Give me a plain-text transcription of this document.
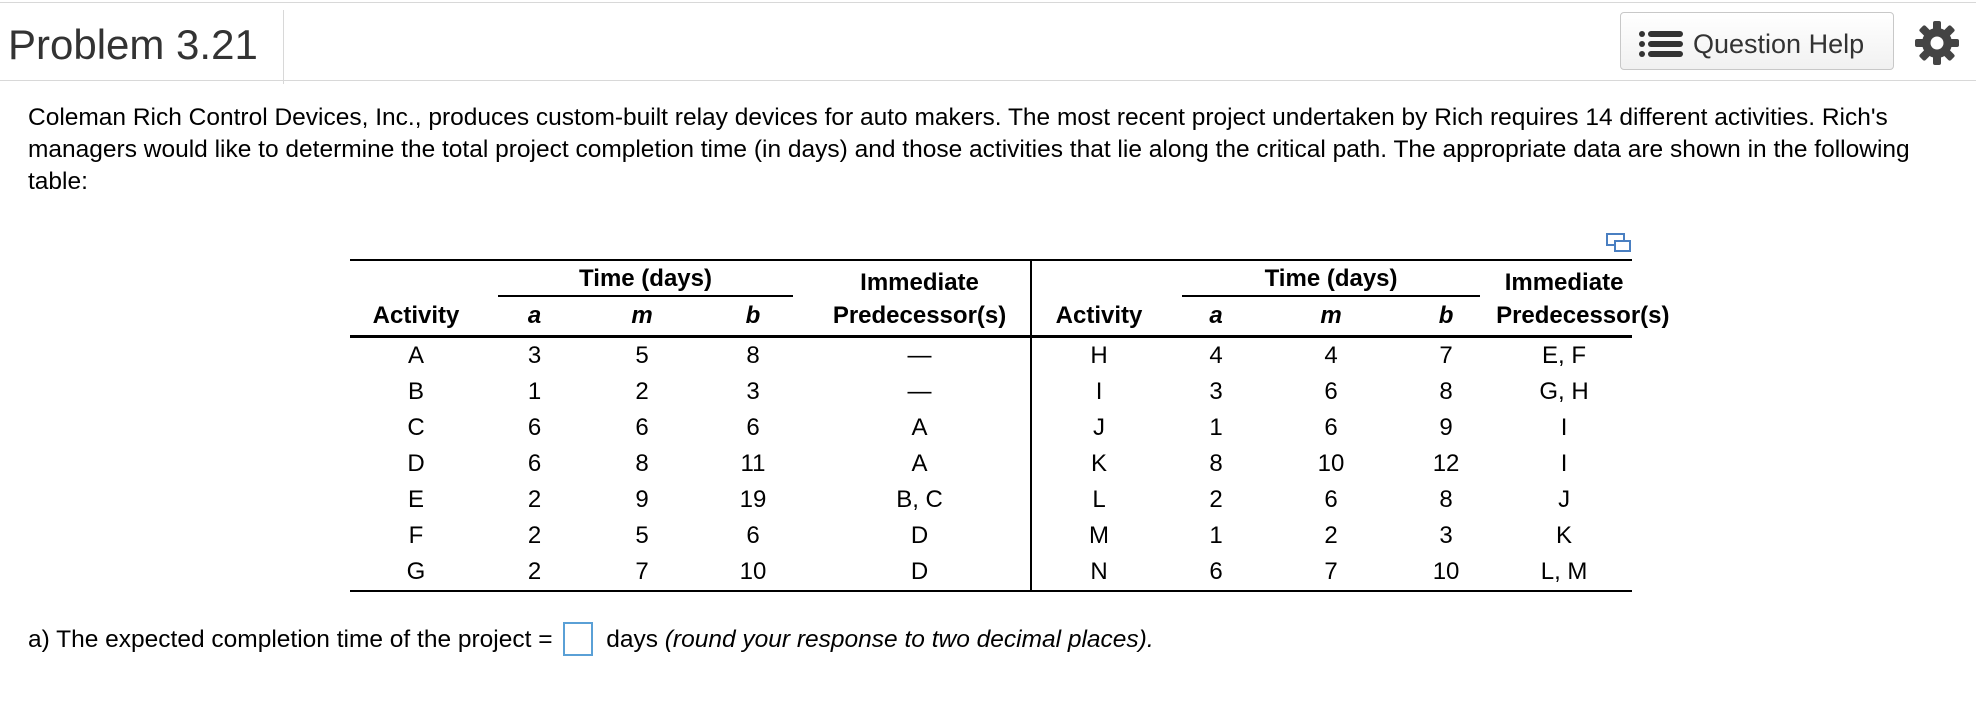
Problem 3.21	Question Help
Coleman Rich Control Devices, Inc., produces custom-built relay devices for auto makers. The most recent project undertaken by Rich requires 14 different activities. Rich's managers would like to determine the total project completion time (in days) and those activities that lie along the critical path. The appropriate data are shown in the following table:

	Time (days)			Immediate		Time (days)			Immediate
Activity	a	m	b	Predecessor(s)	Activity	a	m	b	Predecessor(s)
A	3	5	8	—	H	4	4	7	E, F
B	1	2	3	—	I	3	6	8	G, H
C	6	6	6	A	J	1	6	9	I
D	6	8	11	A	K	8	10	12	I
E	2	9	19	B, C	L	2	6	8	J
F	2	5	6	D	M	1	2	3	K
G	2	7	10	D	N	6	7	10	L, M
a) The expected completion time of the project = days (round your response to two decimal places).
